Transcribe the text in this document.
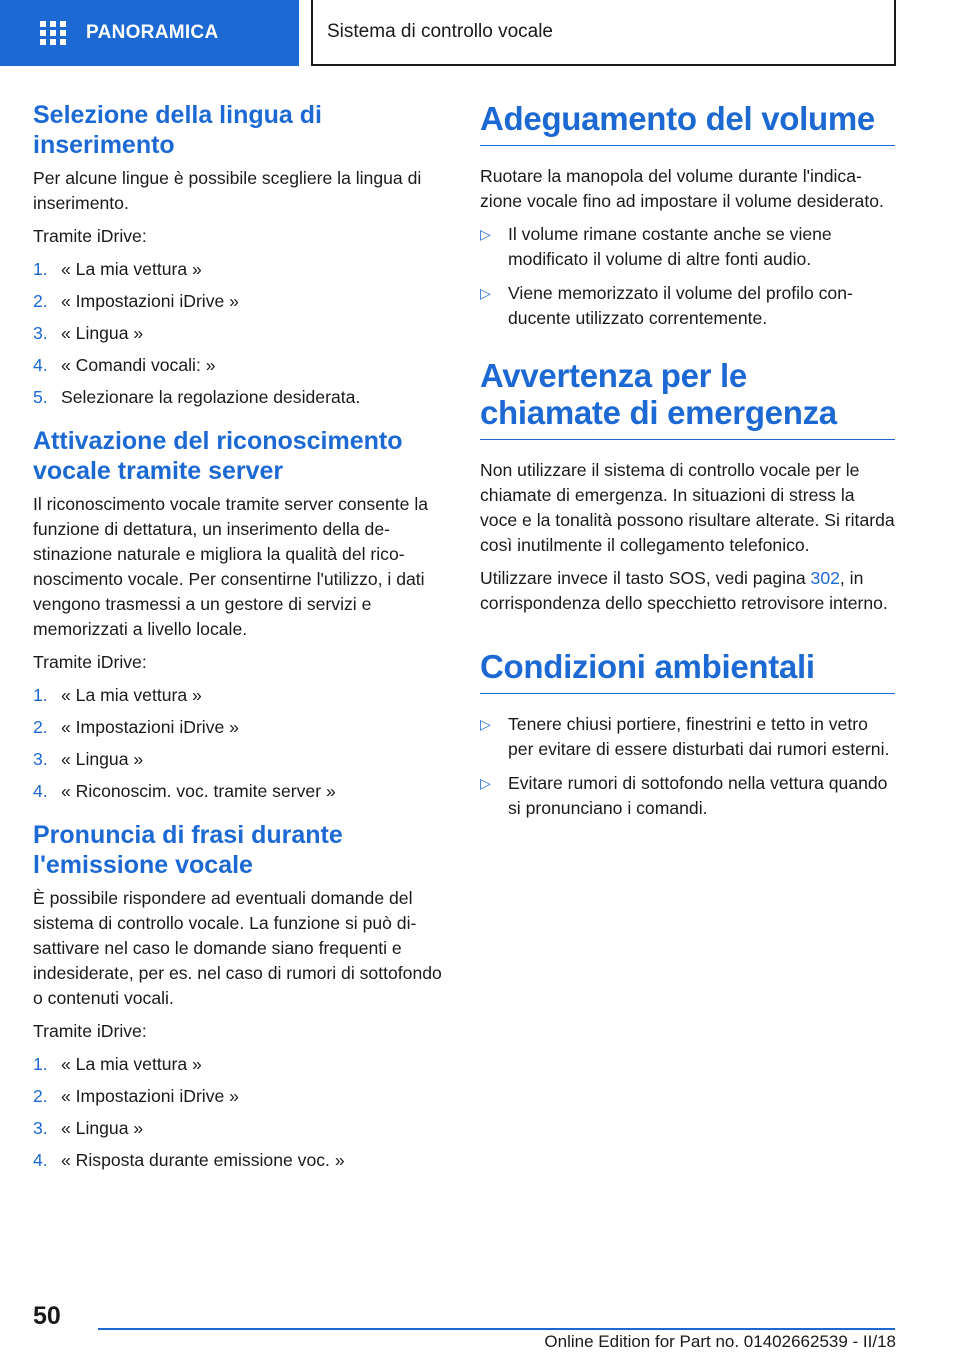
PANORAMICA	Sistema di controllo vocale
Selezione della lingua di inserimento

Per alcune lingue è possibile scegliere la lingua di inserimento.

Tramite iDrive:

1. « La mia vettura »
2. « Impostazioni iDrive »
3. « Lingua »
4. « Comandi vocali: »
5. Selezionare la regolazione desiderata.
Attivazione del riconoscimento vocale tramite server

Il riconoscimento vocale tramite server consente la funzione di dettatura, un inserimento della destinazione naturale e migliora la qualità del riconoscimento vocale. Per consentirne l'utilizzo, i dati vengono trasmessi a un gestore di servizi e memorizzati a livello locale.

Tramite iDrive:

1. « La mia vettura »
2. « Impostazioni iDrive »
3. « Lingua »
4. « Riconoscim. voc. tramite server »
Pronuncia di frasi durante l'emissione vocale

È possibile rispondere ad eventuali domande del sistema di controllo vocale. La funzione si può disattivare nel caso le domande siano frequenti e indesiderate, per es. nel caso di rumori di sottofondo o contenuti vocali.

Tramite iDrive:

1. « La mia vettura »
2. « Impostazioni iDrive »
3. « Lingua »
4. « Risposta durante emissione voc. »
Adeguamento del volume

Ruotare la manopola del volume durante l'indicazione vocale fino ad impostare il volume desiderato.

▷ Il volume rimane costante anche se viene modificato il volume di altre fonti audio.
▷ Viene memorizzato il volume del profilo conducente utilizzato correntemente.
Avvertenza per le chiamate di emergenza

Non utilizzare il sistema di controllo vocale per le chiamate di emergenza. In situazioni di stress la voce e la tonalità possono risultare alterate. Si ritarda così inutilmente il collegamento telefonico.

Utilizzare invece il tasto SOS, vedi pagina 302, in corrispondenza dello specchietto retrovisore interno.

Condizioni ambientali
▷ Tenere chiusi portiere, finestrini e tetto in vetro per evitare di essere disturbati dai rumori esterni.
▷ Evitare rumori di sottofondo nella vettura quando si pronunciano i comandi.
50
Online Edition for Part no. 01402662539 - II/18
